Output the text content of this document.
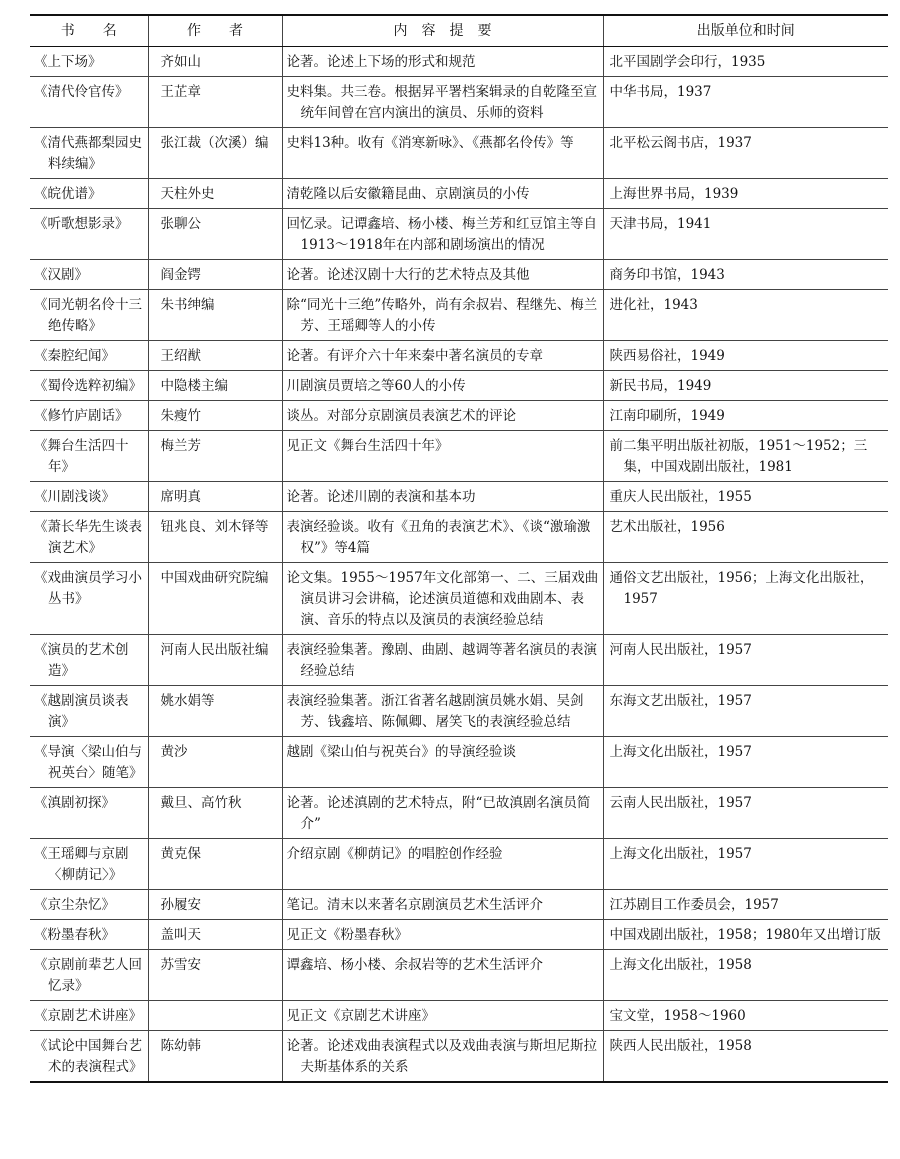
书　　名	作　　者	内　容　提　要	出版单位和时间

《上下场》	齐如山	论著。论述上下场的形式和规范	北平国剧学会印行，1935

《清代伶官传》	王芷章	史料集。共三卷。根据昇平署档案辑录的自乾隆至宣统年间曾在宫内演出的演员、乐师的资料	中华书局，1937

《清代燕都梨园史料续编》	张江裁（次溪）编	史料13种。收有《消寒新咏》、《燕都名伶传》等	北平松云阁书店，1937

《皖优谱》	天柱外史	清乾隆以后安徽籍昆曲、京剧演员的小传	上海世界书局，1939

《听歌想影录》	张聊公	回忆录。记谭鑫培、杨小楼、梅兰芳和红豆馆主等自1913～1918年在内部和剧场演出的情况	天津书局，1941

《汉剧》	阎金锷	论著。论述汉剧十大行的艺术特点及其他	商务印书馆，1943

《同光朝名伶十三绝传略》	朱书绅编	除“同光十三绝”传略外，尚有余叔岩、程继先、梅兰芳、王瑶卿等人的小传	进化社，1943

《秦腔纪闻》	王绍猷	论著。有评介六十年来秦中著名演员的专章	陕西易俗社，1949

《蜀伶选粹初编》	中隐楼主编	川剧演员贾培之等60人的小传	新民书局，1949

《修竹庐剧话》	朱瘦竹	谈丛。对部分京剧演员表演艺术的评论	江南印刷所，1949

《舞台生活四十年》	梅兰芳	见正文《舞台生活四十年》	前二集平明出版社初版，1951～1952；三集，中国戏剧出版社，1981

《川剧浅谈》	席明真	论著。论述川剧的表演和基本功	重庆人民出版社，1955

《萧长华先生谈表演艺术》	钮兆良、刘木铎等	表演经验谈。收有《丑角的表演艺术》、《谈“激瑜激权”》等4篇	艺术出版社，1956

《戏曲演员学习小丛书》	中国戏曲研究院编	论文集。1955～1957年文化部第一、二、三届戏曲演员讲习会讲稿，论述演员道德和戏曲剧本、表演、音乐的特点以及演员的表演经验总结	通俗文艺出版社，1956；上海文化出版社，1957

《演员的艺术创造》	河南人民出版社编	表演经验集著。豫剧、曲剧、越调等著名演员的表演经验总结	河南人民出版社，1957

《越剧演员谈表演》	姚水娟等	表演经验集著。浙江省著名越剧演员姚水娟、吴剑芳、钱鑫培、陈佩卿、屠笑飞的表演经验总结	东海文艺出版社，1957

《导演〈梁山伯与祝英台〉随笔》	黄沙	越剧《梁山伯与祝英台》的导演经验谈	上海文化出版社，1957

《滇剧初探》	戴旦、高竹秋	论著。论述滇剧的艺术特点，附“已故滇剧名演员简介”	云南人民出版社，1957

《王瑶卿与京剧〈柳荫记〉》	黄克保	介绍京剧《柳荫记》的唱腔创作经验	上海文化出版社，1957

《京尘杂忆》	孙履安	笔记。清末以来著名京剧演员艺术生活评介	江苏剧目工作委员会，1957

《粉墨春秋》	盖叫天	见正文《粉墨春秋》	中国戏剧出版社，1958；1980年又出增订版

《京剧前辈艺人回忆录》	苏雪安	谭鑫培、杨小楼、余叔岩等的艺术生活评介	上海文化出版社，1958

《京剧艺术讲座》		见正文《京剧艺术讲座》	宝文堂，1958～1960

《试论中国舞台艺术的表演程式》	陈幼韩	论著。论述戏曲表演程式以及戏曲表演与斯坦尼斯拉夫斯基体系的关系	陕西人民出版社，1958
